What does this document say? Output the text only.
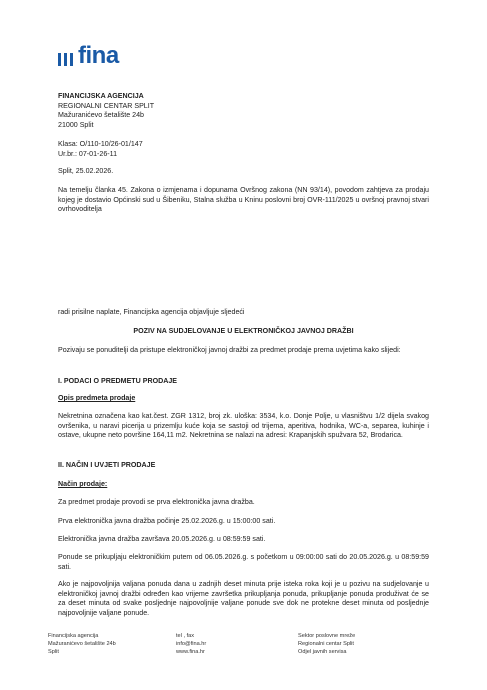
fina
FINANCIJSKA AGENCIJA
REGIONALNI CENTAR SPLIT
Mažuranićevo šetalište 24b
21000 Split
Klasa: O/110-10/26-01/147
Ur.br.: 07-01-26-11
Split, 25.02.2026.
Na temelju članka 45. Zakona o izmjenama i dopunama Ovršnog zakona (NN 93/14), povodom zahtjeva za prodaju kojeg je dostavio Općinski sud u Šibeniku, Stalna služba u Kninu poslovni broj OVR-111/2025 u ovršnoj pravnoj stvari ovrhovoditelja
radi prisilne naplate, Financijska agencija objavljuje sljedeći
POZIV NA SUDJELOVANJE U ELEKTRONIČKOJ JAVNOJ DRAŽBI
Pozivaju se ponuditelji da pristupe elektroničkoj javnoj dražbi za predmet prodaje prema uvjetima kako slijedi:
I. PODACI O PREDMETU PRODAJE
Opis predmeta prodaje
Nekretnina označena kao kat.čest. ZGR 1312, broj zk. uloška: 3534, k.o. Donje Polje, u vlasništvu 1/2 dijela svakog ovršenika, u naravi picerija u prizemlju kuće koja se sastoji od trijema, aperitiva, hodnika, WC-a, separea, kuhinje i ostave, ukupne neto površine 164,11 m2. Nekretnina se nalazi na adresi: Krapanjskih spužvara 52, Brodarica.
II. NAČIN I UVJETI PRODAJE
Način prodaje:
Za predmet prodaje provodi se prva elektronička javna dražba.
Prva elektronička javna dražba počinje 25.02.2026.g. u 15:00:00 sati.
Elektronička javna dražba završava 20.05.2026.g. u 08:59:59 sati.
Ponude se prikupljaju elektroničkim putem od 06.05.2026.g. s početkom u 09:00:00 sati do 20.05.2026.g. u 08:59:59 sati.
Ako je najpovoljnija valjana ponuda dana u zadnjih deset minuta prije isteka roka koji je u pozivu na sudjelovanje u elektroničkoj javnoj dražbi određen kao vrijeme završetka prikupljanja ponuda, prikupljanje ponuda produživat će se za deset minuta od svake posljednje najpovoljnije valjane ponude sve dok ne protekne deset minuta od posljednje najpovoljnije valjane ponude.
Financijska agencija
Mažuranićevo šetalište 24b
Split
tel , fax
info@fina.hr
www.fina.hr
Sektor poslovne mreže
Regionalni centar Split
Odjel javnih servisa
